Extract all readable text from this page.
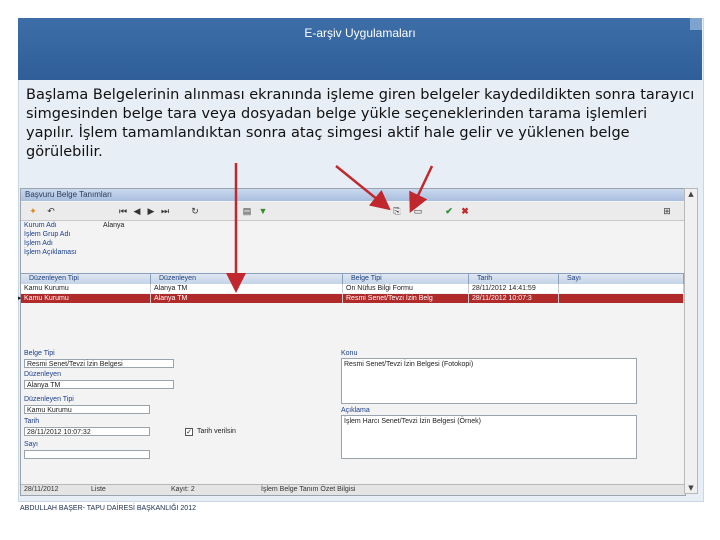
E-arşiv Uygulamaları
Başlama Belgelerinin alınması ekranında işleme giren belgeler kaydedildikten sonra tarayıcı simgesinden belge tara veya dosyadan belge yükle seçeneklerinden tarama işlemleri yapılır. İşlem tamamlandıktan sonra ataç simgesi aktif hale gelir ve yüklenen belge görülebilir.
Başvuru Belge Tanımları
✦ ↶	⏮ ◀ ▶ ⏭ ↻	▤ ▼	⎘	▭	✔ ✖	⊞
Kurum Adı	Alanya
İşlem Grup Adı
İşlem Adı
İşlem Açıklaması
Düzenleyen Tipi	Düzenleyen	Belge Tipi	Tarih	Sayı
Kamu Kurumu	Alanya TM	Ön Nüfus Bilgi Formu	28/11/2012 14:41:59
▸ Kamu Kurumu	Alanya TM	Resmi Senet/Tevzi İzin Belg	28/11/2012 10:07:3
Belge Tipi
Resmi Senet/Tevzi İzin Belgesi
Düzenleyen
Alanya TM
Düzenleyen Tipi
Kamu Kurumu
Tarih
28/11/2012 10:07:32	✓ Tarih verilsin
Sayı
Konu
Resmi Senet/Tevzi İzin Belgesi (Fotokopi)
Açıklama
İşlem Harcı Senet/Tevzi İzin Belgesi (Örnek)
28/11/2012	Liste	Kayıt: 2	İşlem Belge Tanım Özet Bilgisi
▲
▼
ABDULLAH BAŞER- TAPU DAİRESİ BAŞKANLIĞI 2012
